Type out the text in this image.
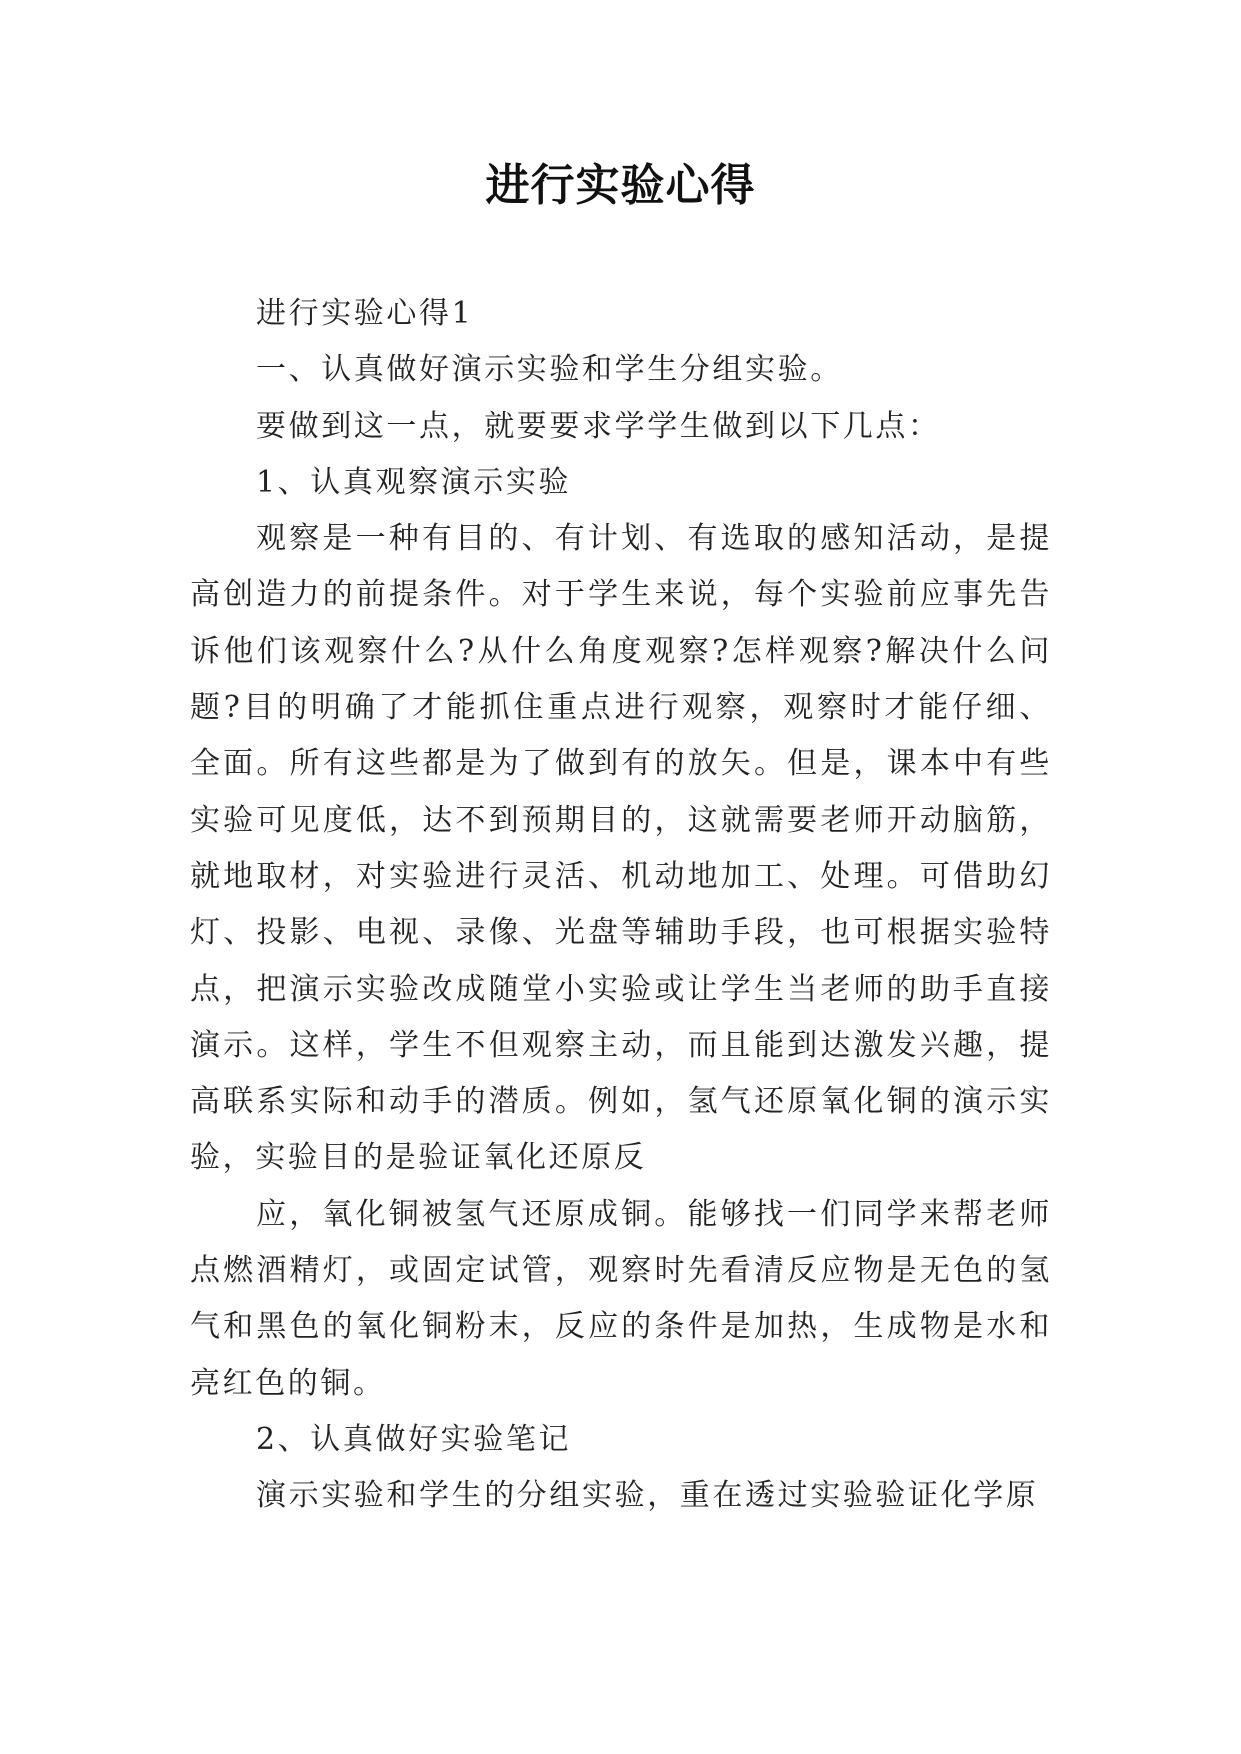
进行实验心得

进行实验心得1

一、认真做好演示实验和学生分组实验。

要做到这一点，就要要求学学生做到以下几点：

1、认真观察演示实验

观察是一种有目的、有计划、有选取的感知活动，是提高创造力的前提条件。对于学生来说，每个实验前应事先告诉他们该观察什么?从什么角度观察?怎样观察?解决什么问题?目的明确了才能抓住重点进行观察，观察时才能仔细、全面。所有这些都是为了做到有的放矢。但是，课本中有些实验可见度低，达不到预期目的，这就需要老师开动脑筋，就地取材，对实验进行灵活、机动地加工、处理。可借助幻灯、投影、电视、录像、光盘等辅助手段，也可根据实验特点，把演示实验改成随堂小实验或让学生当老师的助手直接演示。这样，学生不但观察主动，而且能到达激发兴趣，提高联系实际和动手的潜质。例如，氢气还原氧化铜的演示实验，实验目的是验证氧化还原反

应，氧化铜被氢气还原成铜。能够找一们同学来帮老师点燃酒精灯，或固定试管，观察时先看清反应物是无色的氢气和黑色的氧化铜粉末，反应的条件是加热，生成物是水和亮红色的铜。

2、认真做好实验笔记

演示实验和学生的分组实验，重在透过实验验证化学原
